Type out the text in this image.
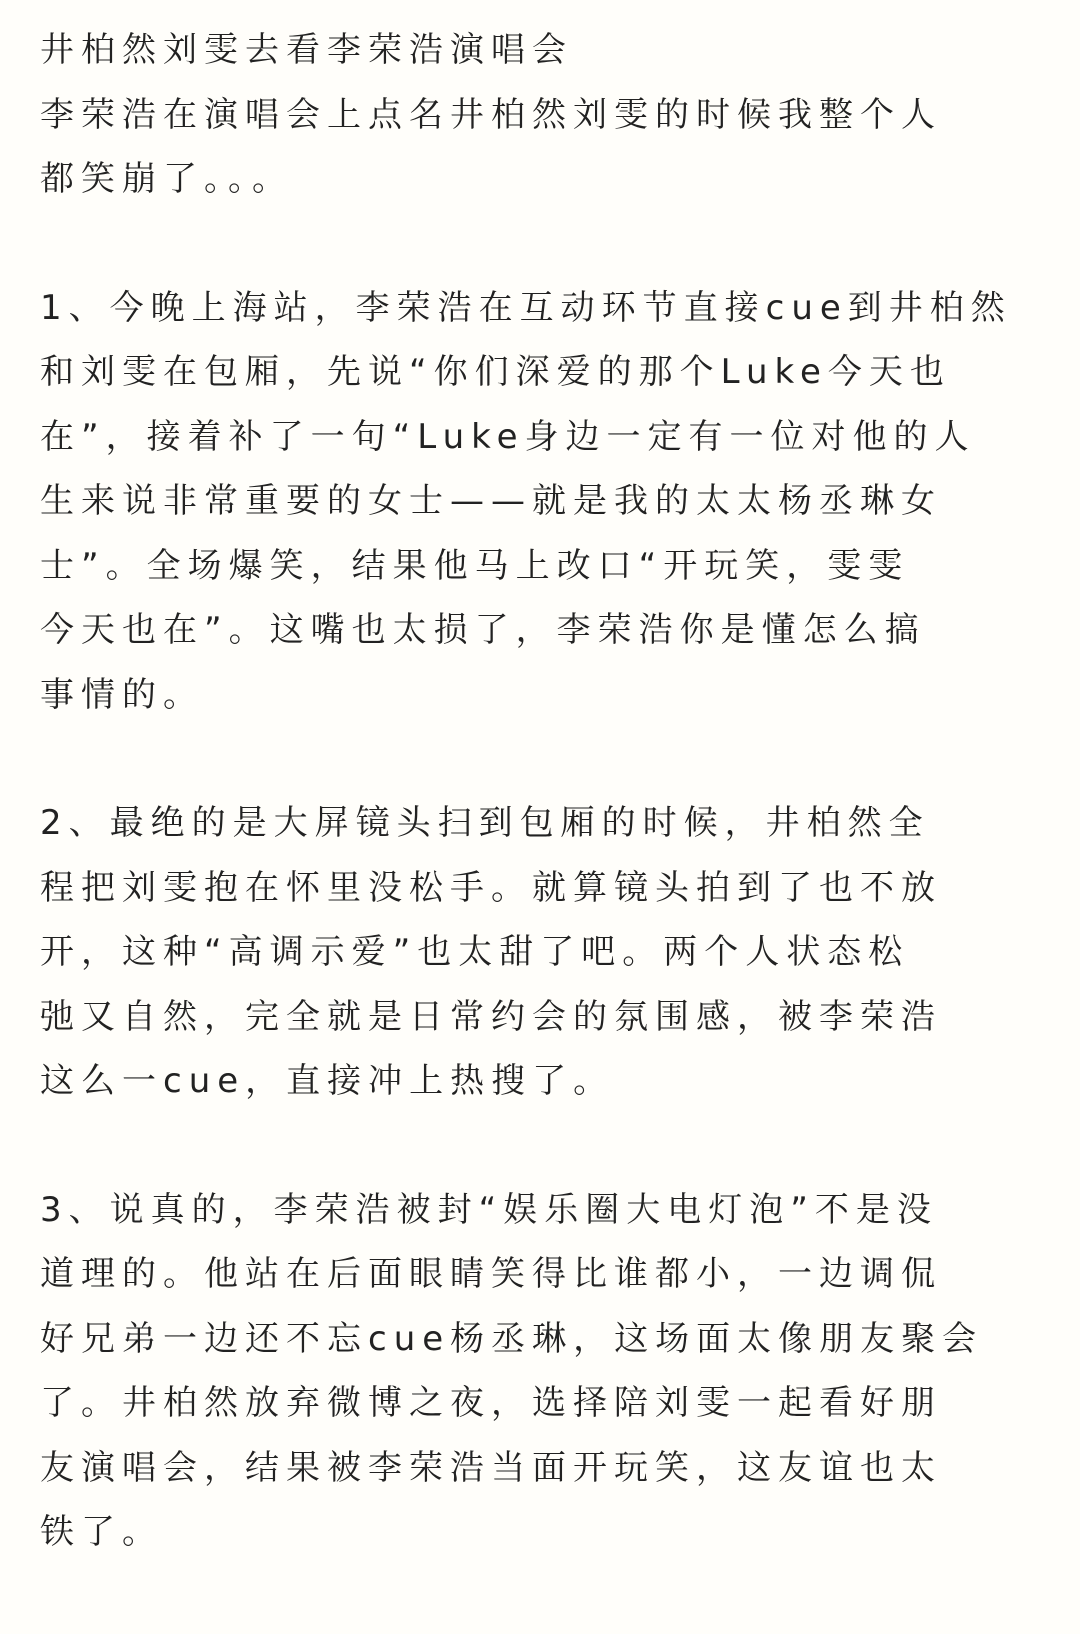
井柏然刘雯去看李荣浩演唱会
李荣浩在演唱会上点名井柏然刘雯的时候我整个人
都笑崩了。。。

1、今晚上海站，李荣浩在互动环节直接cue到井柏然
和刘雯在包厢，先说“你们深爱的那个Luke今天也
在”，接着补了一句“Luke身边一定有一位对他的人
生来说非常重要的女士——就是我的太太杨丞琳女
士”。全场爆笑，结果他马上改口“开玩笑，雯雯
今天也在”。这嘴也太损了，李荣浩你是懂怎么搞
事情的。

2、最绝的是大屏镜头扫到包厢的时候，井柏然全
程把刘雯抱在怀里没松手。就算镜头拍到了也不放
开，这种“高调示爱”也太甜了吧。两个人状态松
弛又自然，完全就是日常约会的氛围感，被李荣浩
这么一cue，直接冲上热搜了。

3、说真的，李荣浩被封“娱乐圈大电灯泡”不是没
道理的。他站在后面眼睛笑得比谁都小，一边调侃
好兄弟一边还不忘cue杨丞琳，这场面太像朋友聚会
了。井柏然放弃微博之夜，选择陪刘雯一起看好朋
友演唱会，结果被李荣浩当面开玩笑，这友谊也太
铁了。
